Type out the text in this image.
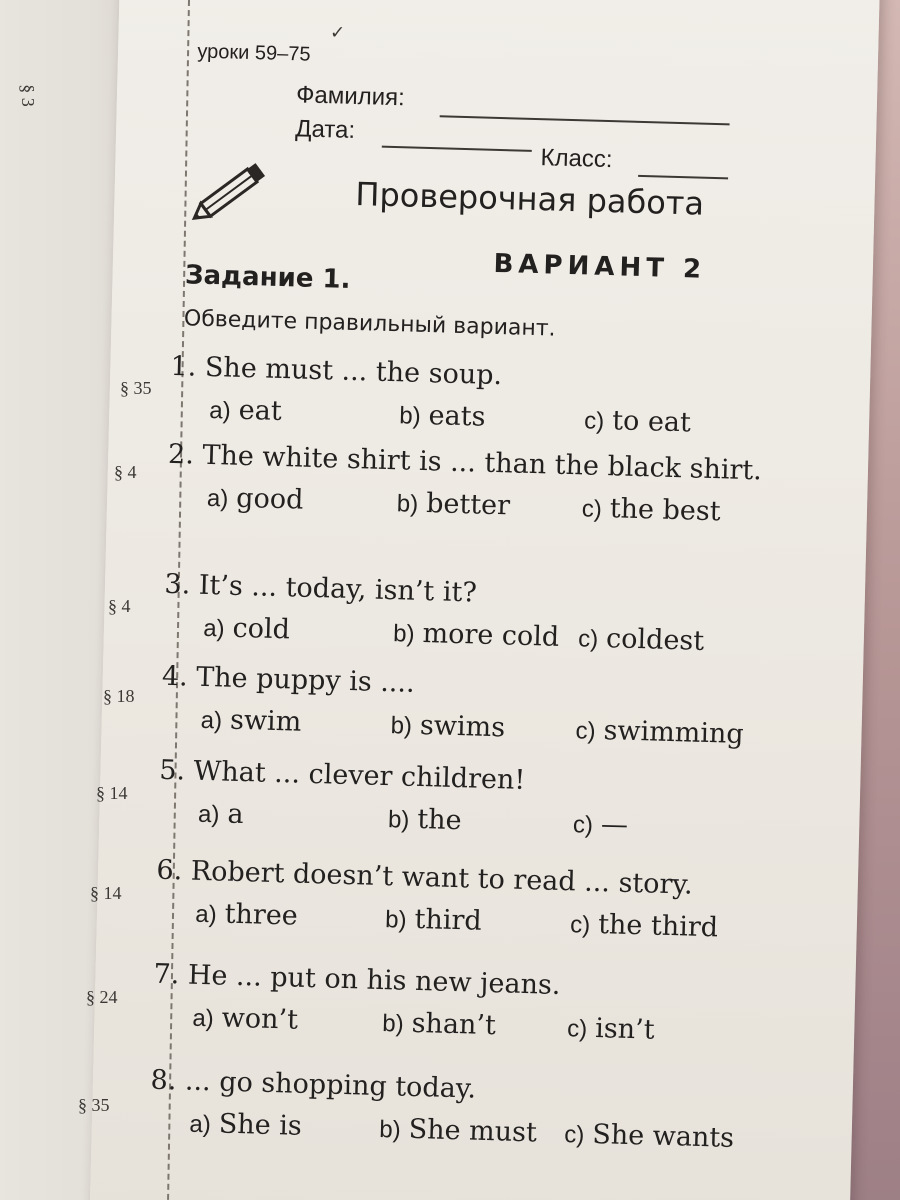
§ 3
§ 35
§ 4
§ 4
§ 18
§ 14
§ 14
§ 24
§ 35
уроки 59–75
✓
Фамилия:
Дата:
Класс:
Проверочная работа
ВАРИАНТ 2
Задание 1.
Обведите правильный вариант.
1. She must ... the soup.
a) eat	b) eats	c) to eat
2. The white shirt is ... than the black shirt.
a) good	b) better	c) the best
3. It’s ... today, isn’t it?
a) cold	b) more cold c) coldest
4. The puppy is ....
a) swim	b) swims	c) swimming
5. What ... clever children!
a) a	b) the	c) —
6. Robert doesn’t want to read ... story.
a) three	b) third	c) the third
7. He ... put on his new jeans.
a) won’t	b) shan’t	c) isn’t
8. ... go shopping today.
a) She is	b) She must c) She wants
